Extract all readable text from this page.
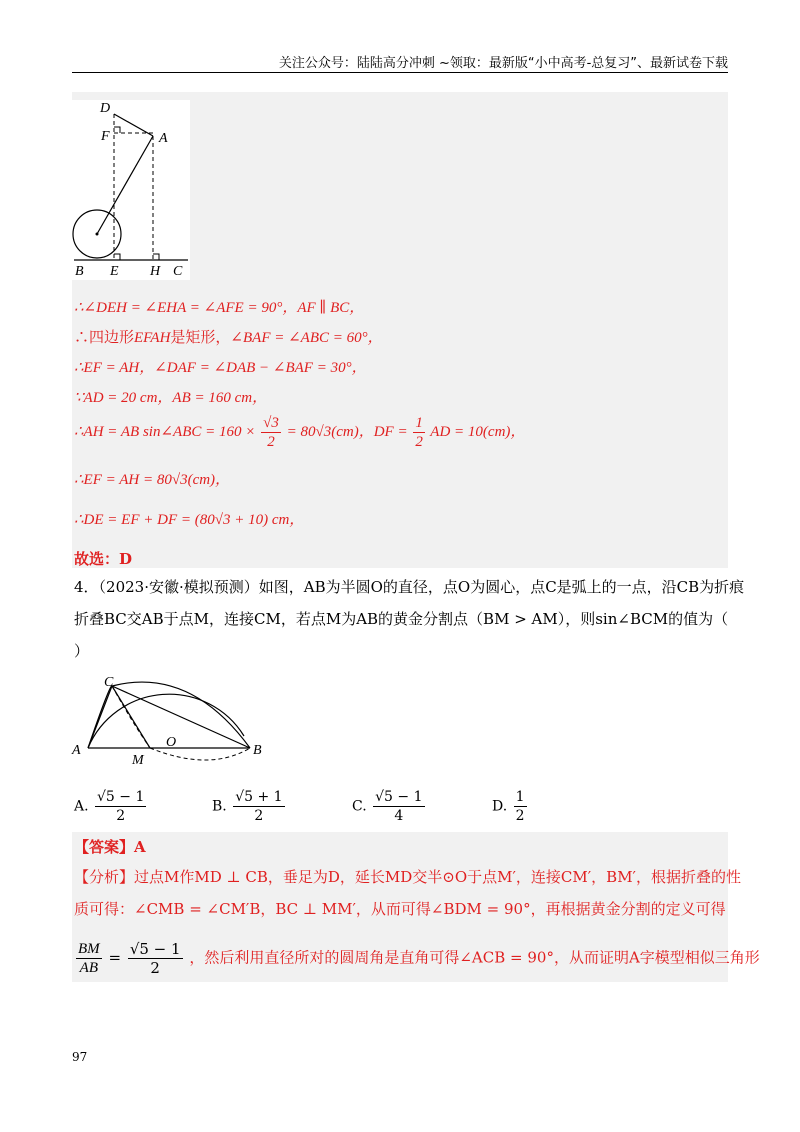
关注公众号：陆陆高分冲刺 ~领取：最新版“小中高考-总复习”、最新试卷下载
D
F	A
B E H C
∴∠DEH = ∠EHA = ∠AFE = 90°，AF ∥ BC，
∴四边形EFAH是矩形，∠BAF = ∠ABC = 60°，
∴EF = AH，∠DAF = ∠DAB − ∠BAF = 30°，
∵AD = 20 cm，AB = 160 cm，
∴AH = AB sin∠ABC = $160 \times \frac{√3}{2} = 80√3(cm)$，DF = $\frac{1}{2}$ AD = 10(cm)，
∴EF = AH = 80√3(cm)，
∴DE = EF + DF = (80√3 + 10) cm，
故选：D
4．（2023·安徽·模拟预测）如图，AB为半圆O的直径，点O为圆心，点C是弧上的一点，沿CB为折痕
折叠BC交AB于点M，连接CM，若点M为AB的黄金分割点（BM > AM），则sin∠BCM的值为（
）
C
A
M
O
B
A. $\frac{√5 - 1}{2}$	B. $\frac{√5 + 1}{2}$	C. $\frac{√5 - 1}{4}$	D. $\frac{1}{2}$
【答案】A
【分析】过点M作MD ⊥ CB，垂足为D，延长MD交半⊙O于点M′，连接CM′，BM′，根据折叠的性
质可得：∠CMB = ∠CM′B，BC ⊥ MM′，从而可得∠BDM = 90°，再根据黄金分割的定义可得
$\frac{BM}{AB} = \frac{√5 - 1}{2}$ ，然后利用直径所对的圆周角是直角可得∠ACB = 90°，从而证明A字模型相似三角形
97
